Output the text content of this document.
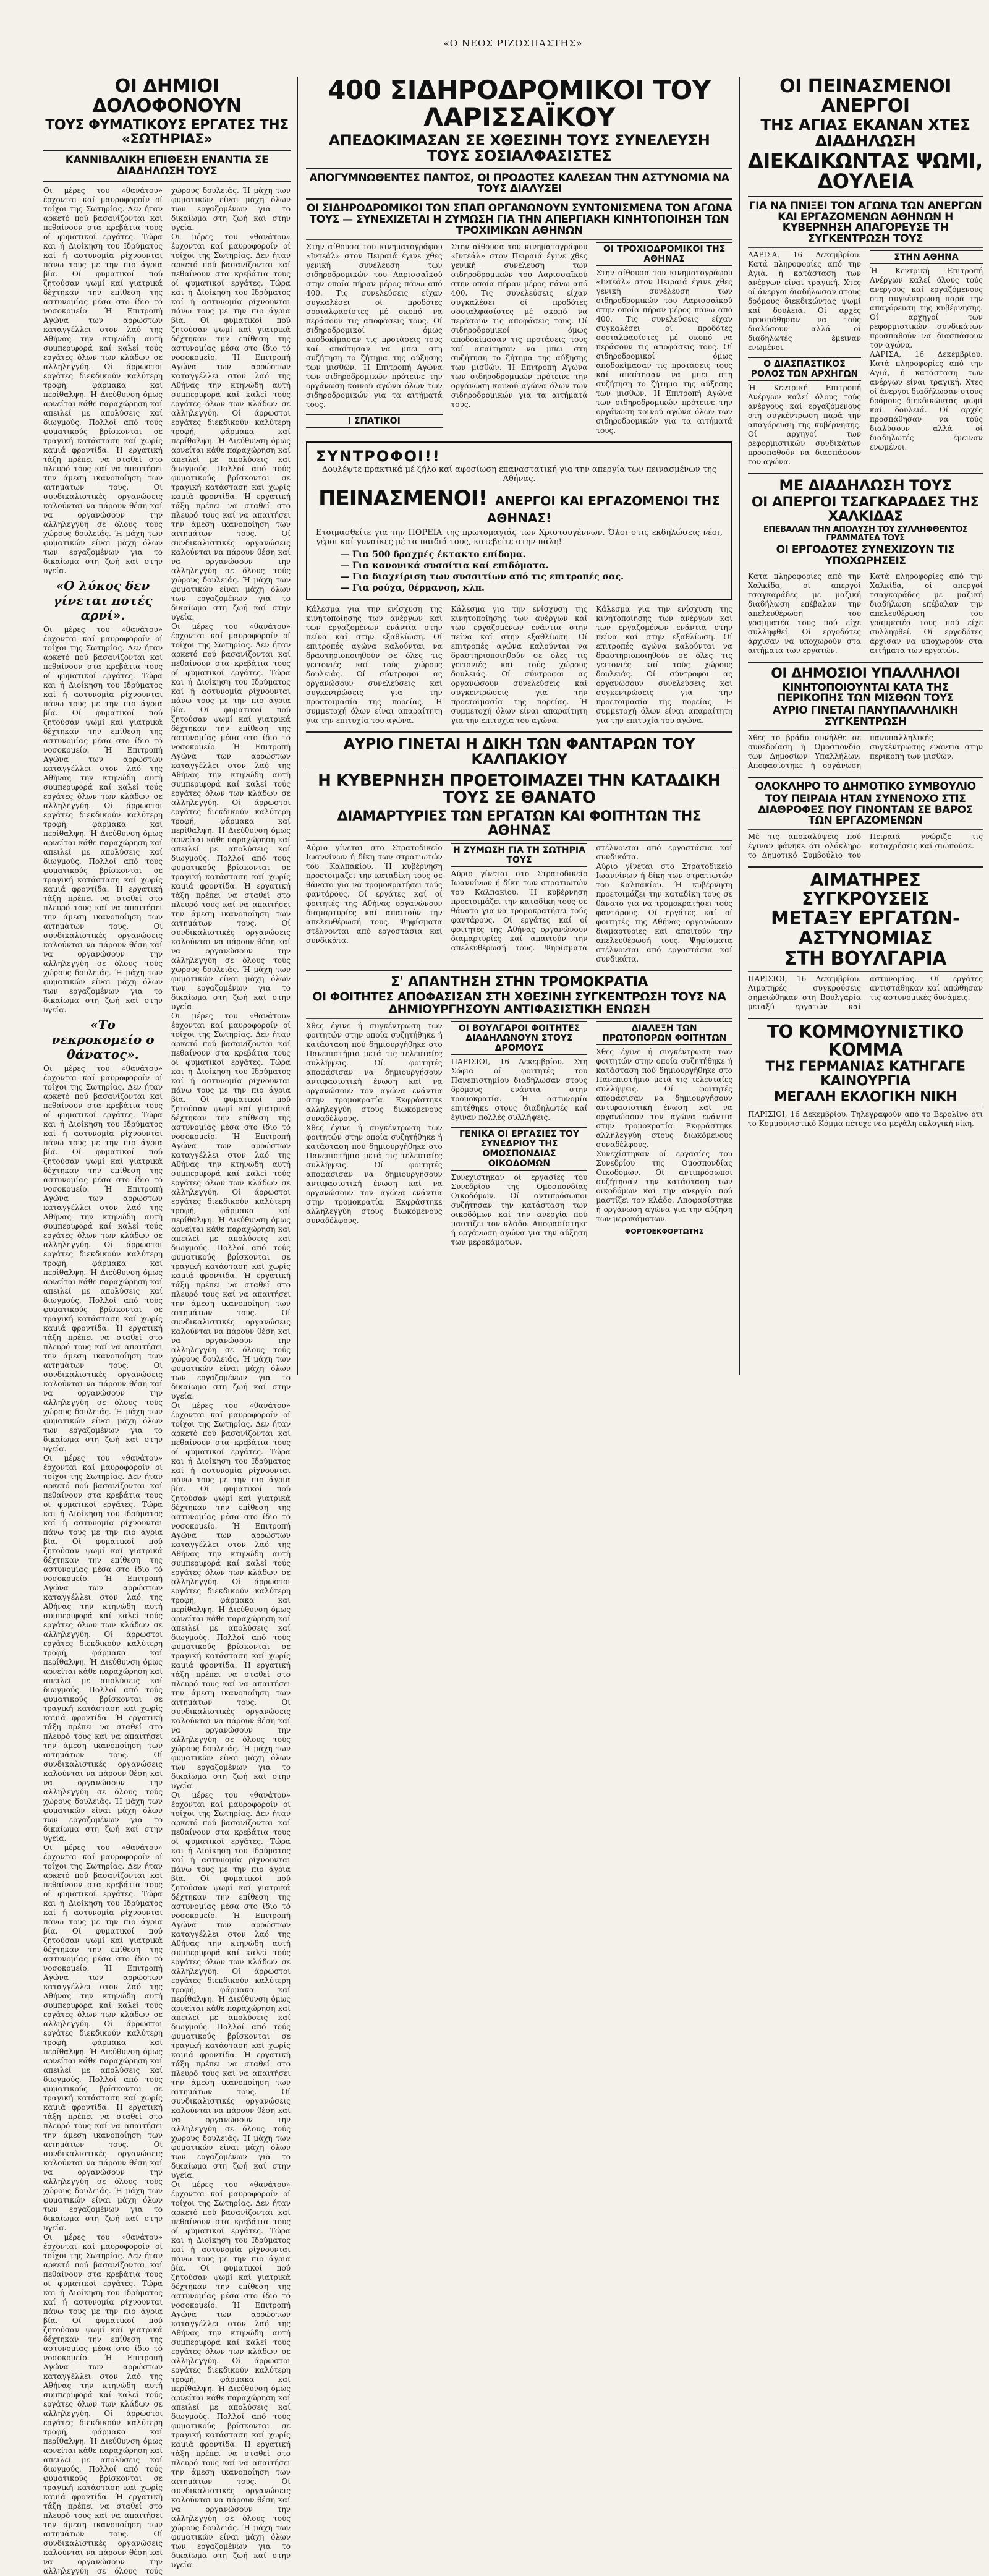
«Ο ΝΕΟΣ ΡΙΖΟΣΠΑΣΤΗΣ»
ΟΙ ΔΗΜΙΟΙ ΔΟΛΟΦΟΝΟΥΝ
ΤΟΥΣ ΦΥΜΑΤΙΚΟΥΣ ΕΡΓΑΤΕΣ ΤΗΣ «ΣΩΤΗΡΙΑΣ»
ΚΑΝΝΙΒΑΛΙΚΗ ΕΠΙΘΕΣΗ ΕΝΑΝΤΙΑ ΣΕ ΔΙΑΔΗΛΩΣΗ ΤΟΥΣ
Οι μέρες του «θανάτου» έρχονται καί μαυροφοροίν οί τοίχοι της Σωτηρίας. Δεν ήταν αρκετό πού βασανίζονται καί πεθαίνουν στα κρεβάτια τους οί φυματικοί εργάτες. Τώρα και ή Διοίκηση του Ιδρύματος καί ή αστυνομία ρίχνουνται πάνω τους με την πιο άγρια βία. Οί φυματικοί πού ζητούσαν ψωμί καί γιατρικά δέχτηκαν την επίθεση της αστυνομίας μέσα στο ίδιο τό νοσοκομείο. Ή Επιτροπή Αγώνα των αρρώστων καταγγέλλει στον λαό της Αθήνας την κτηνώδη αυτή συμπεριφορά καί καλεί τούς εργάτες όλων των κλάδων σε αλληλεγγύη. Οί άρρωστοι εργάτες διεκδικούν καλύτερη τροφή, φάρμακα καί περίθαλψη. Ή Διεύθυνση όμως αρνείται κάθε παραχώρηση καί απειλεί με απολύσεις καί διωγμούς. Πολλοί από τούς φυματικούς βρίσκονται σε τραγική κατάσταση καί χωρίς καμιά φροντίδα. Ή εργατική τάξη πρέπει να σταθεί στο πλευρό τους καί να απαιτήσει την άμεση ικανοποίηση των αιτημάτων τους. Οί συνδικαλιστικές οργανώσεις καλούνται να πάρουν θέση καί να οργανώσουν την αλληλεγγύη σε όλους τούς χώρους δουλειάς. Ή μάχη των φυματικών είναι μάχη όλων των εργαζομένων για το δικαίωμα στη ζωή καί στην υγεία.
«Ο λύκος δεν γίνεται ποτές αρνί».
Οι μέρες του «θανάτου» έρχονται καί μαυροφοροίν οί τοίχοι της Σωτηρίας. Δεν ήταν αρκετό πού βασανίζονται καί πεθαίνουν στα κρεβάτια τους οί φυματικοί εργάτες. Τώρα και ή Διοίκηση του Ιδρύματος καί ή αστυνομία ρίχνουνται πάνω τους με την πιο άγρια βία. Οί φυματικοί πού ζητούσαν ψωμί καί γιατρικά δέχτηκαν την επίθεση της αστυνομίας μέσα στο ίδιο τό νοσοκομείο. Ή Επιτροπή Αγώνα των αρρώστων καταγγέλλει στον λαό της Αθήνας την κτηνώδη αυτή συμπεριφορά καί καλεί τούς εργάτες όλων των κλάδων σε αλληλεγγύη. Οί άρρωστοι εργάτες διεκδικούν καλύτερη τροφή, φάρμακα καί περίθαλψη. Ή Διεύθυνση όμως αρνείται κάθε παραχώρηση καί απειλεί με απολύσεις καί διωγμούς. Πολλοί από τούς φυματικούς βρίσκονται σε τραγική κατάσταση καί χωρίς καμιά φροντίδα. Ή εργατική τάξη πρέπει να σταθεί στο πλευρό τους καί να απαιτήσει την άμεση ικανοποίηση των αιτημάτων τους. Οί συνδικαλιστικές οργανώσεις καλούνται να πάρουν θέση καί να οργανώσουν την αλληλεγγύη σε όλους τούς χώρους δουλειάς. Ή μάχη των φυματικών είναι μάχη όλων των εργαζομένων για το δικαίωμα στη ζωή καί στην υγεία.
«Το νεκροκομείο ο θάνατος».
Οι μέρες του «θανάτου» έρχονται καί μαυροφοροίν οί τοίχοι της Σωτηρίας. Δεν ήταν αρκετό πού βασανίζονται καί πεθαίνουν στα κρεβάτια τους οί φυματικοί εργάτες. Τώρα και ή Διοίκηση του Ιδρύματος καί ή αστυνομία ρίχνουνται πάνω τους με την πιο άγρια βία. Οί φυματικοί πού ζητούσαν ψωμί καί γιατρικά δέχτηκαν την επίθεση της αστυνομίας μέσα στο ίδιο τό νοσοκομείο. Ή Επιτροπή Αγώνα των αρρώστων καταγγέλλει στον λαό της Αθήνας την κτηνώδη αυτή συμπεριφορά καί καλεί τούς εργάτες όλων των κλάδων σε αλληλεγγύη. Οί άρρωστοι εργάτες διεκδικούν καλύτερη τροφή, φάρμακα καί περίθαλψη. Ή Διεύθυνση όμως αρνείται κάθε παραχώρηση καί απειλεί με απολύσεις καί διωγμούς. Πολλοί από τούς φυματικούς βρίσκονται σε τραγική κατάσταση καί χωρίς καμιά φροντίδα. Ή εργατική τάξη πρέπει να σταθεί στο πλευρό τους καί να απαιτήσει την άμεση ικανοποίηση των αιτημάτων τους. Οί συνδικαλιστικές οργανώσεις καλούνται να πάρουν θέση καί να οργανώσουν την αλληλεγγύη σε όλους τούς χώρους δουλειάς. Ή μάχη των φυματικών είναι μάχη όλων των εργαζομένων για το δικαίωμα στη ζωή καί στην υγεία.
Οι μέρες του «θανάτου» έρχονται καί μαυροφοροίν οί τοίχοι της Σωτηρίας. Δεν ήταν αρκετό πού βασανίζονται καί πεθαίνουν στα κρεβάτια τους οί φυματικοί εργάτες. Τώρα και ή Διοίκηση του Ιδρύματος καί ή αστυνομία ρίχνουνται πάνω τους με την πιο άγρια βία. Οί φυματικοί πού ζητούσαν ψωμί καί γιατρικά δέχτηκαν την επίθεση της αστυνομίας μέσα στο ίδιο τό νοσοκομείο. Ή Επιτροπή Αγώνα των αρρώστων καταγγέλλει στον λαό της Αθήνας την κτηνώδη αυτή συμπεριφορά καί καλεί τούς εργάτες όλων των κλάδων σε αλληλεγγύη. Οί άρρωστοι εργάτες διεκδικούν καλύτερη τροφή, φάρμακα καί περίθαλψη. Ή Διεύθυνση όμως αρνείται κάθε παραχώρηση καί απειλεί με απολύσεις καί διωγμούς. Πολλοί από τούς φυματικούς βρίσκονται σε τραγική κατάσταση καί χωρίς καμιά φροντίδα. Ή εργατική τάξη πρέπει να σταθεί στο πλευρό τους καί να απαιτήσει την άμεση ικανοποίηση των αιτημάτων τους. Οί συνδικαλιστικές οργανώσεις καλούνται να πάρουν θέση καί να οργανώσουν την αλληλεγγύη σε όλους τούς χώρους δουλειάς. Ή μάχη των φυματικών είναι μάχη όλων των εργαζομένων για το δικαίωμα στη ζωή καί στην υγεία.
Οι μέρες του «θανάτου» έρχονται καί μαυροφοροίν οί τοίχοι της Σωτηρίας. Δεν ήταν αρκετό πού βασανίζονται καί πεθαίνουν στα κρεβάτια τους οί φυματικοί εργάτες. Τώρα και ή Διοίκηση του Ιδρύματος καί ή αστυνομία ρίχνουνται πάνω τους με την πιο άγρια βία. Οί φυματικοί πού ζητούσαν ψωμί καί γιατρικά δέχτηκαν την επίθεση της αστυνομίας μέσα στο ίδιο τό νοσοκομείο. Ή Επιτροπή Αγώνα των αρρώστων καταγγέλλει στον λαό της Αθήνας την κτηνώδη αυτή συμπεριφορά καί καλεί τούς εργάτες όλων των κλάδων σε αλληλεγγύη. Οί άρρωστοι εργάτες διεκδικούν καλύτερη τροφή, φάρμακα καί περίθαλψη. Ή Διεύθυνση όμως αρνείται κάθε παραχώρηση καί απειλεί με απολύσεις καί διωγμούς. Πολλοί από τούς φυματικούς βρίσκονται σε τραγική κατάσταση καί χωρίς καμιά φροντίδα. Ή εργατική τάξη πρέπει να σταθεί στο πλευρό τους καί να απαιτήσει την άμεση ικανοποίηση των αιτημάτων τους. Οί συνδικαλιστικές οργανώσεις καλούνται να πάρουν θέση καί να οργανώσουν την αλληλεγγύη σε όλους τούς χώρους δουλειάς. Ή μάχη των φυματικών είναι μάχη όλων των εργαζομένων για το δικαίωμα στη ζωή καί στην υγεία.
Οι μέρες του «θανάτου» έρχονται καί μαυροφοροίν οί τοίχοι της Σωτηρίας. Δεν ήταν αρκετό πού βασανίζονται καί πεθαίνουν στα κρεβάτια τους οί φυματικοί εργάτες. Τώρα και ή Διοίκηση του Ιδρύματος καί ή αστυνομία ρίχνουνται πάνω τους με την πιο άγρια βία. Οί φυματικοί πού ζητούσαν ψωμί καί γιατρικά δέχτηκαν την επίθεση της αστυνομίας μέσα στο ίδιο τό νοσοκομείο. Ή Επιτροπή Αγώνα των αρρώστων καταγγέλλει στον λαό της Αθήνας την κτηνώδη αυτή συμπεριφορά καί καλεί τούς εργάτες όλων των κλάδων σε αλληλεγγύη. Οί άρρωστοι εργάτες διεκδικούν καλύτερη τροφή, φάρμακα καί περίθαλψη. Ή Διεύθυνση όμως αρνείται κάθε παραχώρηση καί απειλεί με απολύσεις καί διωγμούς. Πολλοί από τούς φυματικούς βρίσκονται σε τραγική κατάσταση καί χωρίς καμιά φροντίδα. Ή εργατική τάξη πρέπει να σταθεί στο πλευρό τους καί να απαιτήσει την άμεση ικανοποίηση των αιτημάτων τους. Οί συνδικαλιστικές οργανώσεις καλούνται να πάρουν θέση καί να οργανώσουν την αλληλεγγύη σε όλους τούς χώρους δουλειάς. Ή μάχη των φυματικών είναι μάχη όλων των εργαζομένων για το δικαίωμα στη ζωή καί στην υγεία.
Οι μέρες του «θανάτου» έρχονται καί μαυροφοροίν οί τοίχοι της Σωτηρίας. Δεν ήταν αρκετό πού βασανίζονται καί πεθαίνουν στα κρεβάτια τους οί φυματικοί εργάτες. Τώρα και ή Διοίκηση του Ιδρύματος καί ή αστυνομία ρίχνουνται πάνω τους με την πιο άγρια βία. Οί φυματικοί πού ζητούσαν ψωμί καί γιατρικά δέχτηκαν την επίθεση της αστυνομίας μέσα στο ίδιο τό νοσοκομείο. Ή Επιτροπή Αγώνα των αρρώστων καταγγέλλει στον λαό της Αθήνας την κτηνώδη αυτή συμπεριφορά καί καλεί τούς εργάτες όλων των κλάδων σε αλληλεγγύη. Οί άρρωστοι εργάτες διεκδικούν καλύτερη τροφή, φάρμακα καί περίθαλψη. Ή Διεύθυνση όμως αρνείται κάθε παραχώρηση καί απειλεί με απολύσεις καί διωγμούς. Πολλοί από τούς φυματικούς βρίσκονται σε τραγική κατάσταση καί χωρίς καμιά φροντίδα. Ή εργατική τάξη πρέπει να σταθεί στο πλευρό τους καί να απαιτήσει την άμεση ικανοποίηση των αιτημάτων τους. Οί συνδικαλιστικές οργανώσεις καλούνται να πάρουν θέση καί να οργανώσουν την αλληλεγγύη σε όλους τούς χώρους δουλειάς. Ή μάχη των φυματικών είναι μάχη όλων των εργαζομένων για το δικαίωμα στη ζωή καί στην υγεία.
Οι μέρες του «θανάτου» έρχονται καί μαυροφοροίν οί τοίχοι της Σωτηρίας. Δεν ήταν αρκετό πού βασανίζονται καί πεθαίνουν στα κρεβάτια τους οί φυματικοί εργάτες. Τώρα και ή Διοίκηση του Ιδρύματος καί ή αστυνομία ρίχνουνται πάνω τους με την πιο άγρια βία. Οί φυματικοί πού ζητούσαν ψωμί καί γιατρικά δέχτηκαν την επίθεση της αστυνομίας μέσα στο ίδιο τό νοσοκομείο. Ή Επιτροπή Αγώνα των αρρώστων καταγγέλλει στον λαό της Αθήνας την κτηνώδη αυτή συμπεριφορά καί καλεί τούς εργάτες όλων των κλάδων σε αλληλεγγύη. Οί άρρωστοι εργάτες διεκδικούν καλύτερη τροφή, φάρμακα καί περίθαλψη. Ή Διεύθυνση όμως αρνείται κάθε παραχώρηση καί απειλεί με απολύσεις καί διωγμούς. Πολλοί από τούς φυματικούς βρίσκονται σε τραγική κατάσταση καί χωρίς καμιά φροντίδα. Ή εργατική τάξη πρέπει να σταθεί στο πλευρό τους καί να απαιτήσει την άμεση ικανοποίηση των αιτημάτων τους. Οί συνδικαλιστικές οργανώσεις καλούνται να πάρουν θέση καί να οργανώσουν την αλληλεγγύη σε όλους τούς χώρους δουλειάς. Ή μάχη των φυματικών είναι μάχη όλων των εργαζομένων για το δικαίωμα στη ζωή καί στην υγεία.
Οι μέρες του «θανάτου» έρχονται καί μαυροφοροίν οί τοίχοι της Σωτηρίας. Δεν ήταν αρκετό πού βασανίζονται καί πεθαίνουν στα κρεβάτια τους οί φυματικοί εργάτες. Τώρα και ή Διοίκηση του Ιδρύματος καί ή αστυνομία ρίχνουνται πάνω τους με την πιο άγρια βία. Οί φυματικοί πού ζητούσαν ψωμί καί γιατρικά δέχτηκαν την επίθεση της αστυνομίας μέσα στο ίδιο τό νοσοκομείο. Ή Επιτροπή Αγώνα των αρρώστων καταγγέλλει στον λαό της Αθήνας την κτηνώδη αυτή συμπεριφορά καί καλεί τούς εργάτες όλων των κλάδων σε αλληλεγγύη. Οί άρρωστοι εργάτες διεκδικούν καλύτερη τροφή, φάρμακα καί περίθαλψη. Ή Διεύθυνση όμως αρνείται κάθε παραχώρηση καί απειλεί με απολύσεις καί διωγμούς. Πολλοί από τούς φυματικούς βρίσκονται σε τραγική κατάσταση καί χωρίς καμιά φροντίδα. Ή εργατική τάξη πρέπει να σταθεί στο πλευρό τους καί να απαιτήσει την άμεση ικανοποίηση των αιτημάτων τους. Οί συνδικαλιστικές οργανώσεις καλούνται να πάρουν θέση καί να οργανώσουν την αλληλεγγύη σε όλους τούς χώρους δουλειάς. Ή μάχη των φυματικών είναι μάχη όλων των εργαζομένων για το δικαίωμα στη ζωή καί στην υγεία.
Οι μέρες του «θανάτου» έρχονται καί μαυροφοροίν οί τοίχοι της Σωτηρίας. Δεν ήταν αρκετό πού βασανίζονται καί πεθαίνουν στα κρεβάτια τους οί φυματικοί εργάτες. Τώρα και ή Διοίκηση του Ιδρύματος καί ή αστυνομία ρίχνουνται πάνω τους με την πιο άγρια βία. Οί φυματικοί πού ζητούσαν ψωμί καί γιατρικά δέχτηκαν την επίθεση της αστυνομίας μέσα στο ίδιο τό νοσοκομείο. Ή Επιτροπή Αγώνα των αρρώστων καταγγέλλει στον λαό της Αθήνας την κτηνώδη αυτή συμπεριφορά καί καλεί τούς εργάτες όλων των κλάδων σε αλληλεγγύη. Οί άρρωστοι εργάτες διεκδικούν καλύτερη τροφή, φάρμακα καί περίθαλψη. Ή Διεύθυνση όμως αρνείται κάθε παραχώρηση καί απειλεί με απολύσεις καί διωγμούς. Πολλοί από τούς φυματικούς βρίσκονται σε τραγική κατάσταση καί χωρίς καμιά φροντίδα. Ή εργατική τάξη πρέπει να σταθεί στο πλευρό τους καί να απαιτήσει την άμεση ικανοποίηση των αιτημάτων τους. Οί συνδικαλιστικές οργανώσεις καλούνται να πάρουν θέση καί να οργανώσουν την αλληλεγγύη σε όλους τούς χώρους δουλειάς. Ή μάχη των φυματικών είναι μάχη όλων των εργαζομένων για το δικαίωμα στη ζωή καί στην υγεία.
Οι μέρες του «θανάτου» έρχονται καί μαυροφοροίν οί τοίχοι της Σωτηρίας. Δεν ήταν αρκετό πού βασανίζονται καί πεθαίνουν στα κρεβάτια τους οί φυματικοί εργάτες. Τώρα και ή Διοίκηση του Ιδρύματος καί ή αστυνομία ρίχνουνται πάνω τους με την πιο άγρια βία. Οί φυματικοί πού ζητούσαν ψωμί καί γιατρικά δέχτηκαν την επίθεση της αστυνομίας μέσα στο ίδιο τό νοσοκομείο. Ή Επιτροπή Αγώνα των αρρώστων καταγγέλλει στον λαό της Αθήνας την κτηνώδη αυτή συμπεριφορά καί καλεί τούς εργάτες όλων των κλάδων σε αλληλεγγύη. Οί άρρωστοι εργάτες διεκδικούν καλύτερη τροφή, φάρμακα καί περίθαλψη. Ή Διεύθυνση όμως αρνείται κάθε παραχώρηση καί απειλεί με απολύσεις καί διωγμούς. Πολλοί από τούς φυματικούς βρίσκονται σε τραγική κατάσταση καί χωρίς καμιά φροντίδα. Ή εργατική τάξη πρέπει να σταθεί στο πλευρό τους καί να απαιτήσει την άμεση ικανοποίηση των αιτημάτων τους. Οί συνδικαλιστικές οργανώσεις καλούνται να πάρουν θέση καί να οργανώσουν την αλληλεγγύη σε όλους τούς χώρους δουλειάς. Ή μάχη των φυματικών είναι μάχη όλων των εργαζομένων για το δικαίωμα στη ζωή καί στην υγεία.
Οι μέρες του «θανάτου» έρχονται καί μαυροφοροίν οί τοίχοι της Σωτηρίας. Δεν ήταν αρκετό πού βασανίζονται καί πεθαίνουν στα κρεβάτια τους οί φυματικοί εργάτες. Τώρα και ή Διοίκηση του Ιδρύματος καί ή αστυνομία ρίχνουνται πάνω τους με την πιο άγρια βία. Οί φυματικοί πού ζητούσαν ψωμί καί γιατρικά δέχτηκαν την επίθεση της αστυνομίας μέσα στο ίδιο τό νοσοκομείο. Ή Επιτροπή Αγώνα των αρρώστων καταγγέλλει στον λαό της Αθήνας την κτηνώδη αυτή συμπεριφορά καί καλεί τούς εργάτες όλων των κλάδων σε αλληλεγγύη. Οί άρρωστοι εργάτες διεκδικούν καλύτερη τροφή, φάρμακα καί περίθαλψη. Ή Διεύθυνση όμως αρνείται κάθε παραχώρηση καί απειλεί με απολύσεις καί διωγμούς. Πολλοί από τούς φυματικούς βρίσκονται σε τραγική κατάσταση καί χωρίς καμιά φροντίδα. Ή εργατική τάξη πρέπει να σταθεί στο πλευρό τους καί να απαιτήσει την άμεση ικανοποίηση των αιτημάτων τους. Οί συνδικαλιστικές οργανώσεις καλούνται να πάρουν θέση καί να οργανώσουν την αλληλεγγύη σε όλους τούς χώρους δουλειάς. Ή μάχη των φυματικών είναι μάχη όλων των εργαζομένων για το δικαίωμα στη ζωή καί στην υγεία.
400 ΣΙΔΗΡΟΔΡΟΜΙΚΟΙ ΤΟΥ ΛΑΡΙΣΣΑΪΚΟΥ
ΑΠΕΔΟΚΙΜΑΣΑΝ ΣΕ ΧΘΕΣΙΝΗ ΤΟΥΣ ΣΥΝΕΛΕΥΣΗ ΤΟΥΣ ΣΟΣΙΑΛΦΑΣΙΣΤΕΣ
ΑΠΟΓΥΜΝΩΘΕΝΤΕΣ ΠΑΝΤΟΣ, ΟΙ ΠΡΟΔΟΤΕΣ ΚΑΛΕΣΑΝ ΤΗΝ ΑΣΤΥΝΟΜΙΑ ΝΑ ΤΟΥΣ ΔΙΑΛΥΣΕΙ
ΟΙ ΣΙΔΗΡΟΔΡΟΜΙΚΟΙ ΤΩΝ ΣΠΑΠ ΟΡΓΑΝΩΝΟΥΝ ΣΥΝΤΟΝΙΣΜΕΝΑ ΤΟΝ ΑΓΩΝΑ ΤΟΥΣ — ΣΥΝΕΧΙΖΕΤΑΙ Η ΖΥΜΩΣΗ ΓΙΑ ΤΗΝ ΑΠΕΡΓΙΑΚΗ ΚΙΝΗΤΟΠΟΙΗΣΗ ΤΩΝ ΤΡΟΧΙΜΙΚΩΝ ΑΘΗΝΩΝ
Στην αίθουσα του κινηματογράφου «Ιντεάλ» στον Πειραιά έγινε χθες γενική συνέλευση των σιδηροδρομικών του Λαρισσαϊκού στην οποία πήραν μέρος πάνω από 400. Τις συνελεύσεις είχαν συγκαλέσει οί προδότες σοσιαλφασίστες μέ σκοπό να περάσουν τις αποφάσεις τους. Οί σιδηροδρομικοί όμως αποδοκίμασαν τις προτάσεις τους καί απαίτησαν να μπει στη συζήτηση το ζήτημα της αύξησης των μισθών. Ή Επιτροπή Αγώνα των σιδηροδρομικών πρότεινε την οργάνωση κοινού αγώνα όλων των σιδηροδρομικών για τα αιτήματά τους.
Ι ΣΠΑΤΙΚΟΙ
Στην αίθουσα του κινηματογράφου «Ιντεάλ» στον Πειραιά έγινε χθες γενική συνέλευση των σιδηροδρομικών του Λαρισσαϊκού στην οποία πήραν μέρος πάνω από 400. Τις συνελεύσεις είχαν συγκαλέσει οί προδότες σοσιαλφασίστες μέ σκοπό να περάσουν τις αποφάσεις τους. Οί σιδηροδρομικοί όμως αποδοκίμασαν τις προτάσεις τους καί απαίτησαν να μπει στη συζήτηση το ζήτημα της αύξησης των μισθών. Ή Επιτροπή Αγώνα των σιδηροδρομικών πρότεινε την οργάνωση κοινού αγώνα όλων των σιδηροδρομικών για τα αιτήματά τους.
ΟΙ ΤΡΟΧΙΟΔΡΟΜΙΚΟΙ ΤΗΣ ΑΘΗΝΑΣ
Στην αίθουσα του κινηματογράφου «Ιντεάλ» στον Πειραιά έγινε χθες γενική συνέλευση των σιδηροδρομικών του Λαρισσαϊκού στην οποία πήραν μέρος πάνω από 400. Τις συνελεύσεις είχαν συγκαλέσει οί προδότες σοσιαλφασίστες μέ σκοπό να περάσουν τις αποφάσεις τους. Οί σιδηροδρομικοί όμως αποδοκίμασαν τις προτάσεις τους καί απαίτησαν να μπει στη συζήτηση το ζήτημα της αύξησης των μισθών. Ή Επιτροπή Αγώνα των σιδηροδρομικών πρότεινε την οργάνωση κοινού αγώνα όλων των σιδηροδρομικών για τα αιτήματά τους.
ΣΥΝΤΡΟΦΟΙ!!
Δουλέψτε πρακτικά μέ ζήλο καί αφοσίωση επαναστατική για την απεργία των πεινασμένων της Αθήνας.
ΠΕΙΝΑΣΜΕΝΟΙ! ΑΝΕΡΓΟΙ ΚΑΙ ΕΡΓΑΖΟΜΕΝΟΙ ΤΗΣ ΑΘΗΝΑΣ!
Ετοιμασθείτε για την ΠΟΡΕΙΑ της πρωτομαγιάς των Χριστουγέννων. Όλοι στις εκδηλώσεις νέοι, γέροι καί γυναίκες μέ τα παιδιά τους, κατεβείτε στην πάλη!
— Για 500 δραχμές έκτακτο επίδομα.
— Για κανονικά συσσίτια καί επιδόματα.
— Για διαχείριση των συσσιτίων από τις επιτροπές σας.
— Για ρούχα, θέρμανση, κλπ.
Κάλεσμα για την ενίσχυση της κινητοποίησης των ανέργων καί των εργαζομένων ενάντια στην πείνα καί στην εξαθλίωση. Οί επιτροπές αγώνα καλούνται να δραστηριοποιηθούν σε όλες τις γειτονιές καί τούς χώρους δουλειάς. Οί σύντροφοι ας οργανώσουν συνελεύσεις καί συγκεντρώσεις για την προετοιμασία της πορείας. Ή συμμετοχή όλων είναι απαραίτητη για την επιτυχία του αγώνα.
Κάλεσμα για την ενίσχυση της κινητοποίησης των ανέργων καί των εργαζομένων ενάντια στην πείνα καί στην εξαθλίωση. Οί επιτροπές αγώνα καλούνται να δραστηριοποιηθούν σε όλες τις γειτονιές καί τούς χώρους δουλειάς. Οί σύντροφοι ας οργανώσουν συνελεύσεις καί συγκεντρώσεις για την προετοιμασία της πορείας. Ή συμμετοχή όλων είναι απαραίτητη για την επιτυχία του αγώνα.
Κάλεσμα για την ενίσχυση της κινητοποίησης των ανέργων καί των εργαζομένων ενάντια στην πείνα καί στην εξαθλίωση. Οί επιτροπές αγώνα καλούνται να δραστηριοποιηθούν σε όλες τις γειτονιές καί τούς χώρους δουλειάς. Οί σύντροφοι ας οργανώσουν συνελεύσεις καί συγκεντρώσεις για την προετοιμασία της πορείας. Ή συμμετοχή όλων είναι απαραίτητη για την επιτυχία του αγώνα.
ΑΥΡΙΟ ΓΙΝΕΤΑΙ Η ΔΙΚΗ ΤΩΝ ΦΑΝΤΑΡΩΝ ΤΟΥ ΚΑΛΠΑΚΙΟΥ
Η ΚΥΒΕΡΝΗΣΗ ΠΡΟΕΤΟΙΜΑΖΕΙ ΤΗΝ ΚΑΤΑΔΙΚΗ ΤΟΥΣ ΣΕ ΘΑΝΑΤΟ
ΔΙΑΜΑΡΤΥΡΙΕΣ ΤΩΝ ΕΡΓΑΤΩΝ ΚΑΙ ΦΟΙΤΗΤΩΝ ΤΗΣ ΑΘΗΝΑΣ
Αύριο γίνεται στο Στρατοδικείο Ιωαννίνων ή δίκη των στρατιωτών του Καλπακίου. Ή κυβέρνηση προετοιμάζει την καταδίκη τους σε θάνατο για να τρομοκρατήσει τούς φαντάρους. Οί εργάτες καί οί φοιτητές της Αθήνας οργανώνουν διαμαρτυρίες καί απαιτούν την απελευθέρωσή τους. Ψηφίσματα στέλνονται από εργοστάσια καί συνδικάτα.
Η ΖΥΜΩΣΗ ΓΙΑ ΤΗ ΣΩΤΗΡΙΑ ΤΟΥΣ
Αύριο γίνεται στο Στρατοδικείο Ιωαννίνων ή δίκη των στρατιωτών του Καλπακίου. Ή κυβέρνηση προετοιμάζει την καταδίκη τους σε θάνατο για να τρομοκρατήσει τούς φαντάρους. Οί εργάτες καί οί φοιτητές της Αθήνας οργανώνουν διαμαρτυρίες καί απαιτούν την απελευθέρωσή τους. Ψηφίσματα στέλνονται από εργοστάσια καί συνδικάτα.
Αύριο γίνεται στο Στρατοδικείο Ιωαννίνων ή δίκη των στρατιωτών του Καλπακίου. Ή κυβέρνηση προετοιμάζει την καταδίκη τους σε θάνατο για να τρομοκρατήσει τούς φαντάρους. Οί εργάτες καί οί φοιτητές της Αθήνας οργανώνουν διαμαρτυρίες καί απαιτούν την απελευθέρωσή τους. Ψηφίσματα στέλνονται από εργοστάσια καί συνδικάτα.
Σ' ΑΠΑΝΤΗΣΗ ΣΤΗΝ ΤΡΟΜΟΚΡΑΤΙΑ
ΟΙ ΦΟΙΤΗΤΕΣ ΑΠΟΦΑΣΙΣΑΝ ΣΤΗ ΧΘΕΣΙΝΗ ΣΥΓΚΕΝΤΡΩΣΗ ΤΟΥΣ ΝΑ ΔΗΜΙΟΥΡΓΗΣΟΥΝ ΑΝΤΙΦΑΣΙΣΤΙΚΗ ΕΝΩΣΗ
Χθες έγινε ή συγκέντρωση των φοιτητών στην οποία συζητήθηκε ή κατάσταση πού δημιουργήθηκε στο Πανεπιστήμιο μετά τις τελευταίες συλλήψεις. Οί φοιτητές αποφάσισαν να δημιουργήσουν αντιφασιστική ένωση καί να οργανώσουν τον αγώνα ενάντια στην τρομοκρατία. Εκφράστηκε αλληλεγγύη στους διωκόμενους συναδέλφους.
Χθες έγινε ή συγκέντρωση των φοιτητών στην οποία συζητήθηκε ή κατάσταση πού δημιουργήθηκε στο Πανεπιστήμιο μετά τις τελευταίες συλλήψεις. Οί φοιτητές αποφάσισαν να δημιουργήσουν αντιφασιστική ένωση καί να οργανώσουν τον αγώνα ενάντια στην τρομοκρατία. Εκφράστηκε αλληλεγγύη στους διωκόμενους συναδέλφους.
ΟΙ ΒΟΥΛΓΑΡΟΙ ΦΟΙΤΗΤΕΣ ΔΙΑΔΗΛΩΝΟΥΝ ΣΤΟΥΣ ΔΡΟΜΟΥΣ
ΠΑΡΙΣΙΟΙ, 16 Δεκεμβρίου. Στη Σόφια οί φοιτητές του Πανεπιστημίου διαδήλωσαν στους δρόμους ενάντια στην τρομοκρατία. Ή αστυνομία επιτέθηκε στους διαδηλωτές καί έγιναν πολλές συλλήψεις.
ΓΕΝΙΚΑ ΟΙ ΕΡΓΑΣΙΕΣ ΤΟΥ ΣΥΝΕΔΡΙΟΥ ΤΗΣ ΟΜΟΣΠΟΝΔΙΑΣ ΟΙΚΟΔΟΜΩΝ
Συνεχίστηκαν οί εργασίες του Συνεδρίου της Ομοσπονδίας Οικοδόμων. Οί αντιπρόσωποι συζήτησαν την κατάσταση των οικοδόμων καί την ανεργία πού μαστίζει τον κλάδο. Αποφασίστηκε ή οργάνωση αγώνα για την αύξηση των μεροκάματων.
ΔΙΑΛΕΞΗ ΤΩΝ ΠΡΩΤΟΠΟΡΩΝ ΦΟΙΤΗΤΩΝ
Χθες έγινε ή συγκέντρωση των φοιτητών στην οποία συζητήθηκε ή κατάσταση πού δημιουργήθηκε στο Πανεπιστήμιο μετά τις τελευταίες συλλήψεις. Οί φοιτητές αποφάσισαν να δημιουργήσουν αντιφασιστική ένωση καί να οργανώσουν τον αγώνα ενάντια στην τρομοκρατία. Εκφράστηκε αλληλεγγύη στους διωκόμενους συναδέλφους.
Συνεχίστηκαν οί εργασίες του Συνεδρίου της Ομοσπονδίας Οικοδόμων. Οί αντιπρόσωποι συζήτησαν την κατάσταση των οικοδόμων καί την ανεργία πού μαστίζει τον κλάδο. Αποφασίστηκε ή οργάνωση αγώνα για την αύξηση των μεροκάματων.
ΦΟΡΤΟΕΚΦΟΡΤΩΤΗΣ
ΟΙ ΠΕΙΝΑΣΜΕΝΟΙ ΑΝΕΡΓΟΙ
ΤΗΣ ΑΓΙΑΣ ΕΚΑΝΑΝ ΧΤΕΣ ΔΙΑΔΗΛΩΣΗ
ΔΙΕΚΔΙΚΩΝΤΑΣ ΨΩΜΙ, ΔΟΥΛΕΙΑ
ΓΙΑ ΝΑ ΠΝΙΞΕΙ ΤΟΝ ΑΓΩΝΑ ΤΩΝ ΑΝΕΡΓΩΝ ΚΑΙ ΕΡΓΑΖΟΜΕΝΩΝ ΑΘΗΝΩΝ Η ΚΥΒΕΡΝΗΣΗ ΑΠΑΓΟΡΕΥΣΕ ΤΗ ΣΥΓΚΕΝΤΡΩΣΗ ΤΟΥΣ
ΛΑΡΙΣΑ, 16 Δεκεμβρίου. Κατά πληροφορίες από την Αγιά, ή κατάσταση των ανέργων είναι τραγική. Χτες οί άνεργοι διαδήλωσαν στους δρόμους διεκδικώντας ψωμί καί δουλειά. Οί αρχές προσπάθησαν να τούς διαλύσουν αλλά οί διαδηλωτές έμειναν ενωμένοι.
Ο ΔΙΑΣΠΑΣΤΙΚΟΣ ΡΟΛΟΣ ΤΩΝ ΑΡΧΗΓΩΝ
Ή Κεντρική Επιτροπή Ανέργων καλεί όλους τούς ανέργους καί εργαζόμενους στη συγκέντρωση παρά την απαγόρευση της κυβέρνησης. Οί αρχηγοί των ρεφορμιστικών συνδικάτων προσπαθούν να διασπάσουν τον αγώνα.
ΣΤΗΝ ΑΘΗΝΑ
Ή Κεντρική Επιτροπή Ανέργων καλεί όλους τούς ανέργους καί εργαζόμενους στη συγκέντρωση παρά την απαγόρευση της κυβέρνησης. Οί αρχηγοί των ρεφορμιστικών συνδικάτων προσπαθούν να διασπάσουν τον αγώνα.
ΛΑΡΙΣΑ, 16 Δεκεμβρίου. Κατά πληροφορίες από την Αγιά, ή κατάσταση των ανέργων είναι τραγική. Χτες οί άνεργοι διαδήλωσαν στους δρόμους διεκδικώντας ψωμί καί δουλειά. Οί αρχές προσπάθησαν να τούς διαλύσουν αλλά οί διαδηλωτές έμειναν ενωμένοι.
ΜΕ ΔΙΑΔΗΛΩΣΗ ΤΟΥΣ
ΟΙ ΑΠΕΡΓΟΙ ΤΣΑΓΚΑΡΑΔΕΣ ΤΗΣ ΧΑΛΚΙΔΑΣ
ΕΠΕΒΑΛΑΝ ΤΗΝ ΑΠΟΛΥΣΗ ΤΟΥ ΣΥΛΛΗΦΘΕΝΤΟΣ ΓΡΑΜΜΑΤΕΑ ΤΟΥΣ
ΟΙ ΕΡΓΟΔΟΤΕΣ ΣΥΝΕΧΙΖΟΥΝ ΤΙΣ ΥΠΟΧΩΡΗΣΕΙΣ
Κατά πληροφορίες από την Χαλκίδα, οί απεργοί τσαγκαράδες με μαζική διαδήλωση επέβαλαν την απελευθέρωση του γραμματέα τους πού είχε συλληφθεί. Οί εργοδότες άρχισαν να υποχωρούν στα αιτήματα των εργατών.
Κατά πληροφορίες από την Χαλκίδα, οί απεργοί τσαγκαράδες με μαζική διαδήλωση επέβαλαν την απελευθέρωση του γραμματέα τους πού είχε συλληφθεί. Οί εργοδότες άρχισαν να υποχωρούν στα αιτήματα των εργατών.
ΟΙ ΔΗΜΟΣΙΟΙ ΥΠΑΛΛΗΛΟΙ
ΚΙΝΗΤΟΠΟΙΟΥΝΤΑΙ ΚΑΤΑ ΤΗΣ ΠΕΡΙΚΟΠΗΣ ΤΩΝ ΜΙΣΘΩΝ ΤΟΥΣ
ΑΥΡΙΟ ΓΙΝΕΤΑΙ ΠΑΝΥΠΑΛΛΗΛΙΚΗ ΣΥΓΚΕΝΤΡΩΣΗ
Χθες το βράδυ συνήλθε σε συνεδρίαση ή Ομοσπονδία των Δημοσίων Υπαλλήλων. Αποφασίστηκε ή οργάνωση πανυπαλληλικής συγκέντρωσης ενάντια στην περικοπή των μισθών.
ΟΛΟΚΛΗΡΟ ΤΟ ΔΗΜΟΤΙΚΟ ΣΥΜΒΟΥΛΙΟ
ΤΟΥ ΠΕΙΡΑΙΑ ΗΤΑΝ ΣΥΝΕΝΟΧΟ ΣΤΙΣ ΔΙΑΘΡΟΦΕΣ ΠΟΥ ΓΙΝΟΝΤΑΝ ΣΕ ΒΑΡΟΣ ΤΩΝ ΕΡΓΑΖΟΜΕΝΩΝ
Μέ τις αποκαλύψεις πού έγιναν φάνηκε ότι ολόκληρο το Δημοτικό Συμβούλιο του Πειραιά γνώριζε τις καταχρήσεις καί σιωπούσε.
ΑΙΜΑΤΗΡΕΣ ΣΥΓΚΡΟΥΣΕΙΣ
ΜΕΤΑΞΥ ΕΡΓΑΤΩΝ-ΑΣΤΥΝΟΜΙΑΣ
ΣΤΗ ΒΟΥΛΓΑΡΙΑ
ΠΑΡΙΣΙΟΙ, 16 Δεκεμβρίου. Αιματηρές συγκρούσεις σημειώθηκαν στη Βουλγαρία μεταξύ εργατών καί αστυνομίας. Οί εργάτες αντιστάθηκαν καί απώθησαν τις αστυνομικές δυνάμεις.
ΤΟ ΚΟΜΜΟΥΝΙΣΤΙΚΟ ΚΟΜΜΑ
ΤΗΣ ΓΕΡΜΑΝΙΑΣ ΚΑΤΗΓΑΓΕ ΚΑΙΝΟΥΡΓΙΑ
ΜΕΓΑΛΗ ΕΚΛΟΓΙΚΗ ΝΙΚΗ
ΠΑΡΙΣΙΟΙ, 16 Δεκεμβρίου. Τηλεγραφούν από το Βερολίνο ότι το Κομμουνιστικό Κόμμα πέτυχε νέα μεγάλη εκλογική νίκη.
